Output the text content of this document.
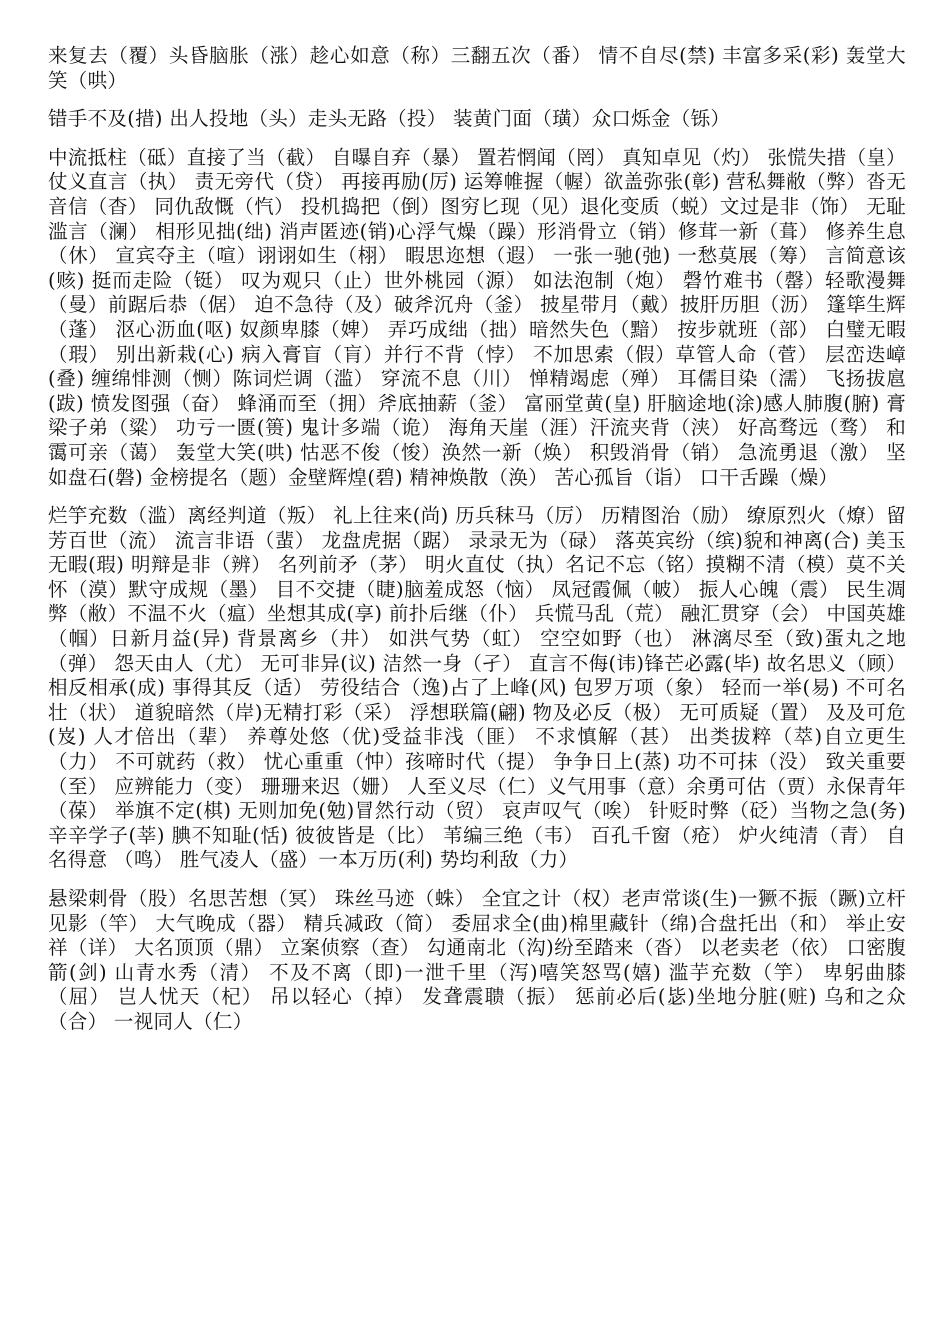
来复去（覆）头昏脑胀（涨）趁心如意（称）三翻五次（番） 情不自尽(禁) 丰富多采(彩) 轰堂大笑（哄）

错手不及(措) 出人投地（头）走头无路（投） 装黄门面（璜）众口烁金（铄）

中流抵柱（砥）直接了当（截） 自曝自弃（暴） 置若惘闻（罔） 真知卓见（灼） 张慌失措（皇）仗义直言（执） 责无旁代（贷） 再接再励(厉) 运筹帷握（幄）欲盖弥张(彰) 营私舞敝（弊）沓无音信（杳） 同仇敌慨（忾） 投机捣把（倒）图穷匕现（见）退化变质（蜕）文过是非（饰） 无耻滥言（澜） 相形见拙(绌) 消声匿迹(销)心浮气燥（躁）形消骨立（销）修茸一新（葺） 修养生息（休） 宣宾夺主（喧）诩诩如生（栩） 暇思迩想（遐） 一张一驰(弛) 一愁莫展（筹） 言简意该(赅) 挺而走险（铤） 叹为观只（止）世外桃园（源） 如法泡制（炮） 磬竹难书（罄）轻歌漫舞（曼）前踞后恭（倨） 迫不急待（及）破斧沉舟（釜） 披星带月（戴）披肝历胆（沥） 篷筚生辉（蓬） 沤心沥血(呕) 奴颜卑膝（婢） 弄巧成绌（拙）暗然失色（黯） 按步就班（部） 白璧无暇（瑕） 别出新栽(心) 病入膏盲（肓）并行不背（悖） 不加思索（假）草管人命（菅） 层峦迭嶂(叠) 缠绵悱测（恻）陈词烂调（滥） 穿流不息（川） 惮精竭虑（殚） 耳儒目染（濡） 飞扬拔扈(跋) 愤发图强（奋） 蜂涌而至（拥）斧底抽薪（釜） 富丽堂黄(皇) 肝脑途地(涂)感人肺腹(腑) 膏梁子弟（粱） 功亏一匮(篑) 鬼计多端（诡） 海角天崖（涯）汗流夹背（浃） 好高骛远（骛） 和霭可亲（蔼） 轰堂大笑(哄) 怙恶不俊（悛）涣然一新（焕） 积毁消骨（销） 急流勇退（激） 坚如盘石(磐) 金榜提名（题）金壁辉煌(碧) 精神焕散（涣） 苦心孤旨（诣） 口干舌躁（燥）

烂竽充数（滥）离经判道（叛） 礼上往来(尚) 历兵秣马（厉） 历精图治（励） 缭原烈火（燎）留芳百世（流） 流言非语（蜚） 龙盘虎据（踞） 录录无为（碌） 落英宾纷（缤)貌和神离(合) 美玉无暇(瑕) 明辩是非（辨） 名列前矛（茅） 明火直仗（执）名记不忘（铭）摸糊不清（模）莫不关怀（漠）默守成规（墨） 目不交捷（睫)脑羞成怒（恼） 凤冠霞佩（帔） 振人心魄（震） 民生凋弊（敝）不温不火（瘟）坐想其成(享) 前扑后继（仆） 兵慌马乱（荒） 融汇贯穿（会） 中国英雄（帼）日新月益(异) 背景离乡（井） 如洪气势（虹） 空空如野（也） 淋漓尽至（致)蛋丸之地（弹） 怨天由人（尤） 无可非异(议) 洁然一身（孑） 直言不侮(讳)锋芒必露(毕) 故名思义（顾） 相反相承(成) 事得其反（适） 劳役结合（逸)占了上峰(风) 包罗万项（象） 轻而一举(易) 不可名壮（状） 道貌暗然（岸)无精打彩（采） 浮想联篇(翩) 物及必反（极） 无可质疑（置） 及及可危(岌) 人才倍出（辈） 养尊处悠（优)受益非浅（匪） 不求慎解（甚） 出类拔粹（萃)自立更生（力） 不可就药（救） 忧心重重（忡）孩啼时代（提） 争争日上(蒸) 功不可抹（没） 致关重要（至） 应辨能力（变） 珊珊来迟（姗） 人至义尽（仁）义气用事（意）余勇可估（贾）永保青年（葆） 举旗不定(棋) 无则加免(勉)冒然行动（贸） 哀声叹气（唉） 针贬时弊（砭）当物之急(务) 辛辛学子(莘) 腆不知耻(恬) 彼彼皆是（比） 苇编三绝（韦） 百孔千窗（疮） 炉火纯清（青） 自名得意 （鸣） 胜气凌人（盛）一本万历(利) 势均利敌（力）

悬梁刺骨（股）名思苦想（冥） 珠丝马迹（蛛） 全宜之计（权）老声常谈(生)一獗不振（蹶)立杆见影（竿） 大气晚成（器） 精兵减政（简） 委屈求全(曲)棉里藏针（绵)合盘托出（和） 举止安祥（详） 大名顶顶（鼎） 立案侦察（查） 勾通南北（沟)纷至踏来（沓） 以老卖老（依） 口密腹箭(剑) 山青水秀（清） 不及不离（即)一泄千里（泻)嘻笑怒骂(嬉) 滥芋充数（竽） 卑躬曲膝（屈） 岂人忧天（杞） 吊以轻心（掉） 发聋震聩（振） 惩前必后(毖)坐地分脏(赃) 乌和之众（合） 一视同人（仁）
